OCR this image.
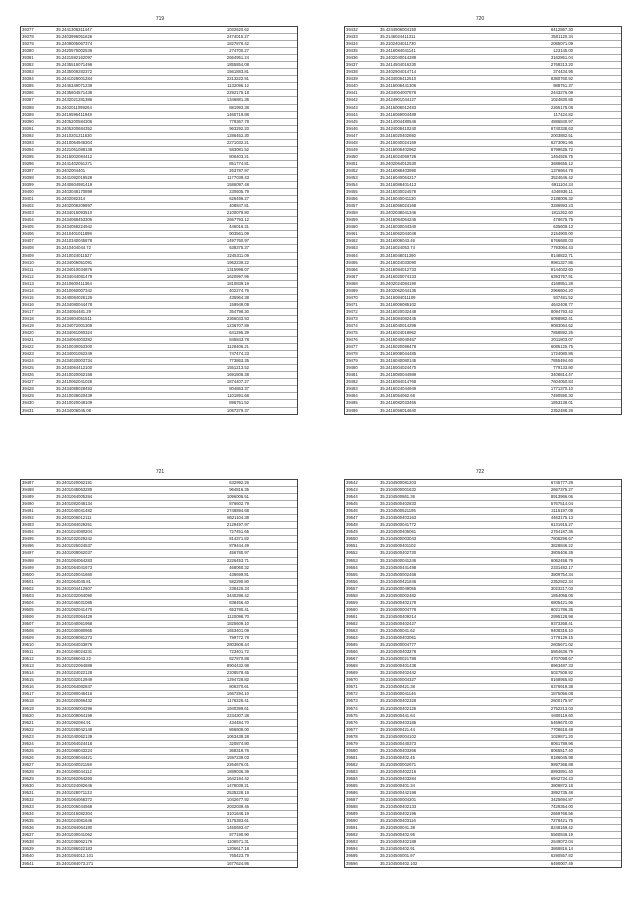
719
39377	35.2441306311447	1032620.62
39378	35.2403996051626	2474015.27
39379	35.2409005067374	1827878.42
39380	35.2420576002536	274700.27
39381	35.2421592162097	2664951.24
39382	35.2435516071496	1855854.08
39383	35.2435009282372	1561883.81
39384	35.2441028001284	2213222.91
39385	35.2445349071239	1132096.12
39386	35.2435604571438	2292175.18
39387	35.2432021281386	1346881.36
39388	35.2402011099264	881993.38
39389	35.2419596411948	1460719.88
39390	35.2405200584306	779367.78
39391	35.2405200684352	963292.20
39392	35.2410201211630	1286452.30
39393	35.2410064946304	2271032.21
39394	35.2421051088138	583081.52
39395	35.2415002084412	806403.21
39396	35.2441402051271	851774.81
39397	35.2402004401	263787.97
39398	35.2441082019528	1177039.43
39399	35.2440604981419	1586097.48
39400	35.2403048170899	230605.79
39401	35.2402082314	626496.27
39402	35.2402008209897	408847.81
39403	35.2434016093510	2100079.80
39404	35.2434068453305	2667793.12
39405	35.2434058224942	446016.31
39406	35.2410401011898	903561.09
39407	35.2410340045878	1497760.97
39408	35.2410404044.72	638375.37
39409	35.2410024011527	2245311.09
39410	35.2434006051091	1962239.22
39411	35.2434010034876	1315998.07
39412	35.2434044081478	1620997.95
39413	35.2410600411364	1810839.19
39414	35.2410060007342	402274.76
39415	35.2440084026126	435964.38
39416	35.2434080044478	159949.09
39417	35.2434064481.29	354798.30
39418	35.2434604051511	2366033.93
39419	35.2434072001309	1236707.89
39420	35.2434061060324	641295.39
39421	35.2434064003282	845843.78
39422	35.2410030053300	1128406.21
39423	35.2434001052249	747474.23
39424	35.2434020003734	773863.35
39425	35.2434064412100	1551213.52
39426	35.2410020062158	1691808.38
39427	35.2410062041026	1874407.27
39428	35.2434088028493	804863.37
39429	35.2410038020439	1101891.68
39430	35.2410020048109	896751.52
39431	35.2434006045.08	1087379.37
720
39432	35.4244906004150	6412867.30
39433	35.2146024411311	3501120.34
39434	35.2102404011730	2085071.09
39435	35.2416084041141	123145.00
39436	35.2402040014289	3162861.04
39437	35.2414504016230	2768213.20
39438	35.2402904014714	374434.95
39439	35.2434006412510	8380760.92
39440	35.2416006441306	988751.37
39441	35.2434004007878	2443276.09
39442	35.2424901044127	1024830.85
39443	35.2416006012483	2265175.08
39444	35.2416069004489	117424.82
39445	35.2414004480546	4886840.97
39446	35.2424008410240	6740338.63
39447	35.2416020402692	2003882.51
39448	35.2416040024169	6273091.96
39449	35.2416006402962	8799635.72
39450	35.2416024069728	1464926.75
39451	35.2402064012530	3688655.12
39452	35.2416088403980	1376664.78
39453	35.2416040064217	3524646.42
39454	35.2416088401413	6911104.24
39455	35.2416030024578	4346936.11
39456	35.2416040041130	2188006.32
39457	35.2416066024168	3286893.23
39458	35.2402038041346	1811262.60
39459	35.2416084064245	478675.75
39460	35.2416030044340	635608.13
39461	35.2416062044048	2154900.00
39462	35.2416006043.46	6766680.03
39463	35.2416024053.74	7793064.43
39464	35.2416048011390	8148822.71
39465	35.2416024033090	9981327.86
39466	35.2416084012733	8144032.60
39467	35.2416020074133	6393767.91
39468	35.2402024084190	4168851.28
39469	35.2402062044135	2966604.20
39470	35.2416084011109	937481.52
39471	35.2416006085102	4642408.77
39472	35.2416020032448	8094793.42
39473	35.2416084082445	6098982.41
39474	35.2416040014299	9083064.62
39475	35.2416024018962	7858892.25
39476	35.2416040040467	2011803.07
39477	35.2416020088478	6085125.75
39478	35.2416008044485	1724080.86
39479	35.2416040080145	7855494.60
39480	35.2416004024470	779133.80
39481	35.2416080044989	3408814.47
39482	35.2416084014768	7604050.84
39483	35.2416024044949	1771370.10
39484	35.2416054062.68	7490590.30
39485	35.2416082033465	1853138.01
39486	35.2416056014640	2352486.26
721
39487	35.2401020062191	632992.26
39488	35.2401048063280	964816.35
39489	35.2401064005284	1096006.51
39490	35.2401082048134	876602.79
39491	35.2401040041482	2748894.68
39492	35.2401006012111	8621104.38
39493	35.2401084029251	2129497.97
39494	35.2401024080204	727451.65
39495	35.2401032029242	814371.82
39496	35.2401026024537	879444.49
39497	35.2401008062037	456780.97
39498	35.2401084064283	2226453.71
39499	35.2401064041673	468060.32
39500	35.2401020041660	436699.81
39501	35.2401064045.81	582290.80
39502	35.2401004412607	238425.34
39503	35.2401032064090	3440296.42
39504	35.2401046031085	838456.40
39505	35.2401082041470	653780.41
39506	35.2401020064429	1120098.70
39507	35.2401040061968	1825609.10
39508	35.2401030080965	1653401.09
39509	35.2401008081273	799772.78
39510	35.2401064033876	2803606.44
39511	35.2401046024231	723401.72
39512	35.2401086043.22	827870.88
39513	35.2401022064888	8904432.98
39514	35.2401024022128	2208578.45
39515	35.2401032012949	1294728.82
39516	35.2401064082847	806370.61
39517	35.2401080046416	1667294.10
39518	35.2401020066432	1176226.41
39519	35.2401006004296	1940399.61
39520	35.2401008064199	2234307.38
39521	35.2401082084.91	434484.70
39522	35.2401028042148	866608.00
39523	35.2401040062139	1063439.28
39524	35.2401064024418	320874.80
39525	35.2401088043224	368319.76
39526	35.2401008044421	1597239.03
39527	35.2401040021158	2264676.01
39528	35.2401080044112	1889036.39
39529	35.2401062064260	1642194.42
39530	35.2401024082646	1478039.21
39531	35.2401028071133	2535228.19
39532	35.2401064066372	1042677.92
39533	35.2401006044568	2032039.45
39534	35.2401016082304	3101648.19
39535	35.2401024081646	3175383.61
39536	35.2401084064180	1450693.47
39537	35.2401030041062	977190.90
39538	35.2401036062176	1106571.31
39539	35.2401086022183	1206617.18
39540	35.2401084012.101	765423.79
39541	35.2401084073.271	1677624.86
722
39542	35.2104500081203	6745777.29
39543	35.2104500001632	2667375.27
39544	35.2104500861.36	8913966.06
39545	35.2104500402833	5767514.04
39546	35.2104500521195	2115197.09
39547	35.2104500403163	4463175.13
39548	35.2104500041772	6131915.27
39549	35.2104500405061	2764187.35
39550	35.2104500003043	7606298.67
39551	35.2104500401102	3828846.22
39552	35.2104500402730	3805406.29
39553	35.2104500041246	6062458.79
39554	35.2104500441498	2331482.17
39555	35.2104500002458	3809754.34
39556	35.2104500421846	2352922.34
39557	35.2104500049055	3023217.03
39558	35.2104500002482	1854058.06
39559	35.2104500402178	6805421.96
39560	35.2104500004778	8021786.35
39561	35.2104500409214	2895128.98
39562	35.2104500402427	9373268.41
39563	35.2104500041.62	9408316.10
39564	35.2104500403061	1778129.15
39565	35.2104500004777	2605671.02
39566	35.2104500403278	5864636.79
39567	35.2104500021788	4707098.67
39568	35.2104500401438	8963487.33
39569	35.2104500402442	5027508.92
39570	35.2104500004327	8168955.82
39571	35.2104500421.38	6376919.38
39572	35.2104500041146	1875056.08
39573	35.2104500402328	2600175.97
39574	35.2104500402126	2752213.03
39575	35.2104500441.64	9408119.60
39576	35.2104500403185	5469670.00
39577	35.2104500421.44	7708618.48
39578	35.2104500004102	1029871.20
39579	35.2104500440373	8061789.96
39580	35.2104500403266	8065517.40
39581	35.2104500402.45	8186045.98
39582	35.2104500002671	9897368.88
39583	35.2104500402216	8893891.40
39584	35.2104500403284	6942734.43
39585	35.2104500401.34	3808872.18
39586	35.2104500442198	3892735.48
39587	35.2104500004201	3425694.87
39588	35.2104500402133	7429354.00
39589	35.2104500402196	2669768.56
39590	35.2104500403116	7278421.75
39591	35.2104500041.38	8248159.42
39592	35.2104500402.95	5560846.19
39593	35.2104500402189	2649072.04
39594	35.2104500402.91	3868816.14
39595	35.2104500001.97	6290557.82
39596	35.2104500402.102	6490007.49
